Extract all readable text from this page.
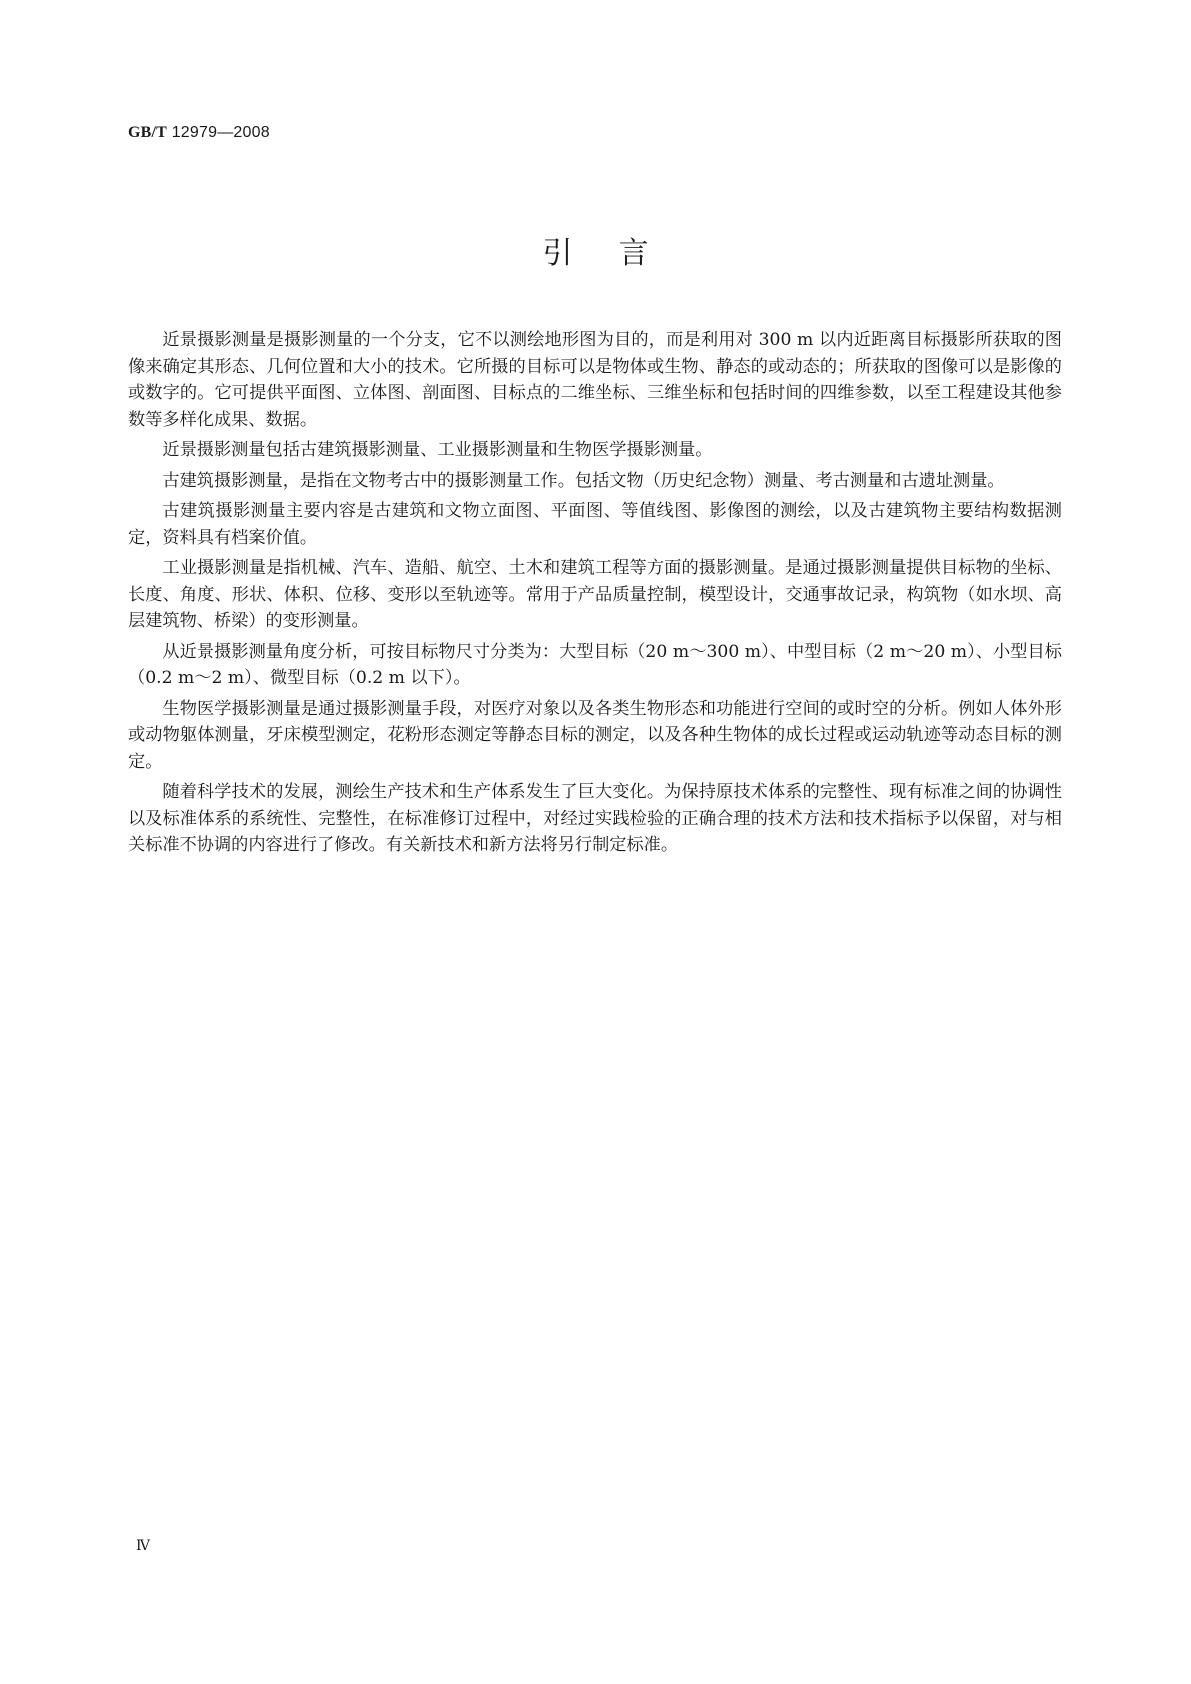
GB/T 12979—2008
引言

近景摄影测量是摄影测量的一个分支，它不以测绘地形图为目的，而是利用对 300 m 以内近距离目标摄影所获取的图像来确定其形态、几何位置和大小的技术。它所摄的目标可以是物体或生物、静态的或动态的；所获取的图像可以是影像的或数字的。它可提供平面图、立体图、剖面图、目标点的二维坐标、三维坐标和包括时间的四维参数，以至工程建设其他参数等多样化成果、数据。

近景摄影测量包括古建筑摄影测量、工业摄影测量和生物医学摄影测量。

古建筑摄影测量，是指在文物考古中的摄影测量工作。包括文物（历史纪念物）测量、考古测量和古遗址测量。

古建筑摄影测量主要内容是古建筑和文物立面图、平面图、等值线图、影像图的测绘，以及古建筑物主要结构数据测定，资料具有档案价值。

工业摄影测量是指机械、汽车、造船、航空、土木和建筑工程等方面的摄影测量。是通过摄影测量提供目标物的坐标、长度、角度、形状、体积、位移、变形以至轨迹等。常用于产品质量控制，模型设计，交通事故记录，构筑物（如水坝、高层建筑物、桥梁）的变形测量。

从近景摄影测量角度分析，可按目标物尺寸分类为：大型目标（20 m～300 m）、中型目标（2 m～20 m）、小型目标（0.2 m～2 m）、微型目标（0.2 m 以下）。

生物医学摄影测量是通过摄影测量手段，对医疗对象以及各类生物形态和功能进行空间的或时空的分析。例如人体外形或动物躯体测量，牙床模型测定，花粉形态测定等静态目标的测定，以及各种生物体的成长过程或运动轨迹等动态目标的测定。

随着科学技术的发展，测绘生产技术和生产体系发生了巨大变化。为保持原技术体系的完整性、现有标准之间的协调性以及标准体系的系统性、完整性，在标准修订过程中，对经过实践检验的正确合理的技术方法和技术指标予以保留，对与相关标准不协调的内容进行了修改。有关新技术和新方法将另行制定标准。

Ⅳ
